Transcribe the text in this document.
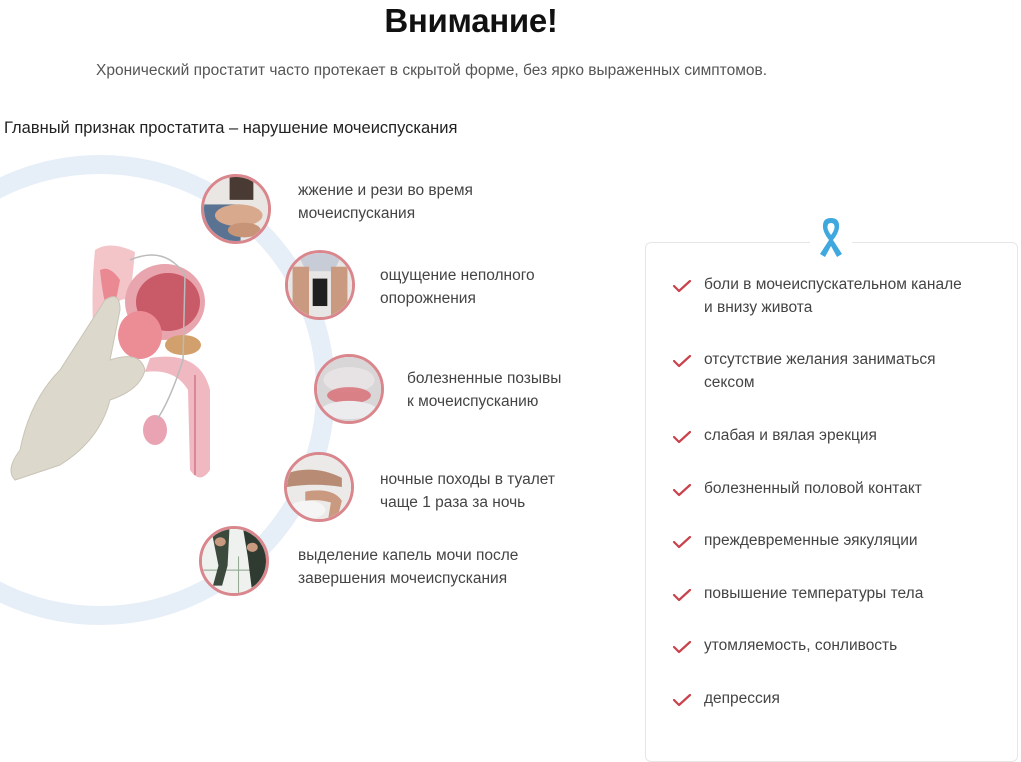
Внимание!
Хронический простатит часто протекает в скрытой форме, без ярко выраженных симптомов.
Главный признак простатита – нарушение мочеиспускания
жжение и рези во время
мочеиспускания
ощущение неполного
опорожнения
болезненные позывы
к мочеиспусканию
ночные походы в туалет
чаще 1 раза за ночь
выделение капель мочи после
завершения мочеиспускания
боли в мочеиспускательном канале
и внизу живота
отсутствие желания заниматься
сексом
слабая и вялая эрекция
болезненный половой контакт
преждевременные эякуляции
повышение температуры тела
утомляемость, сонливость
депрессия
